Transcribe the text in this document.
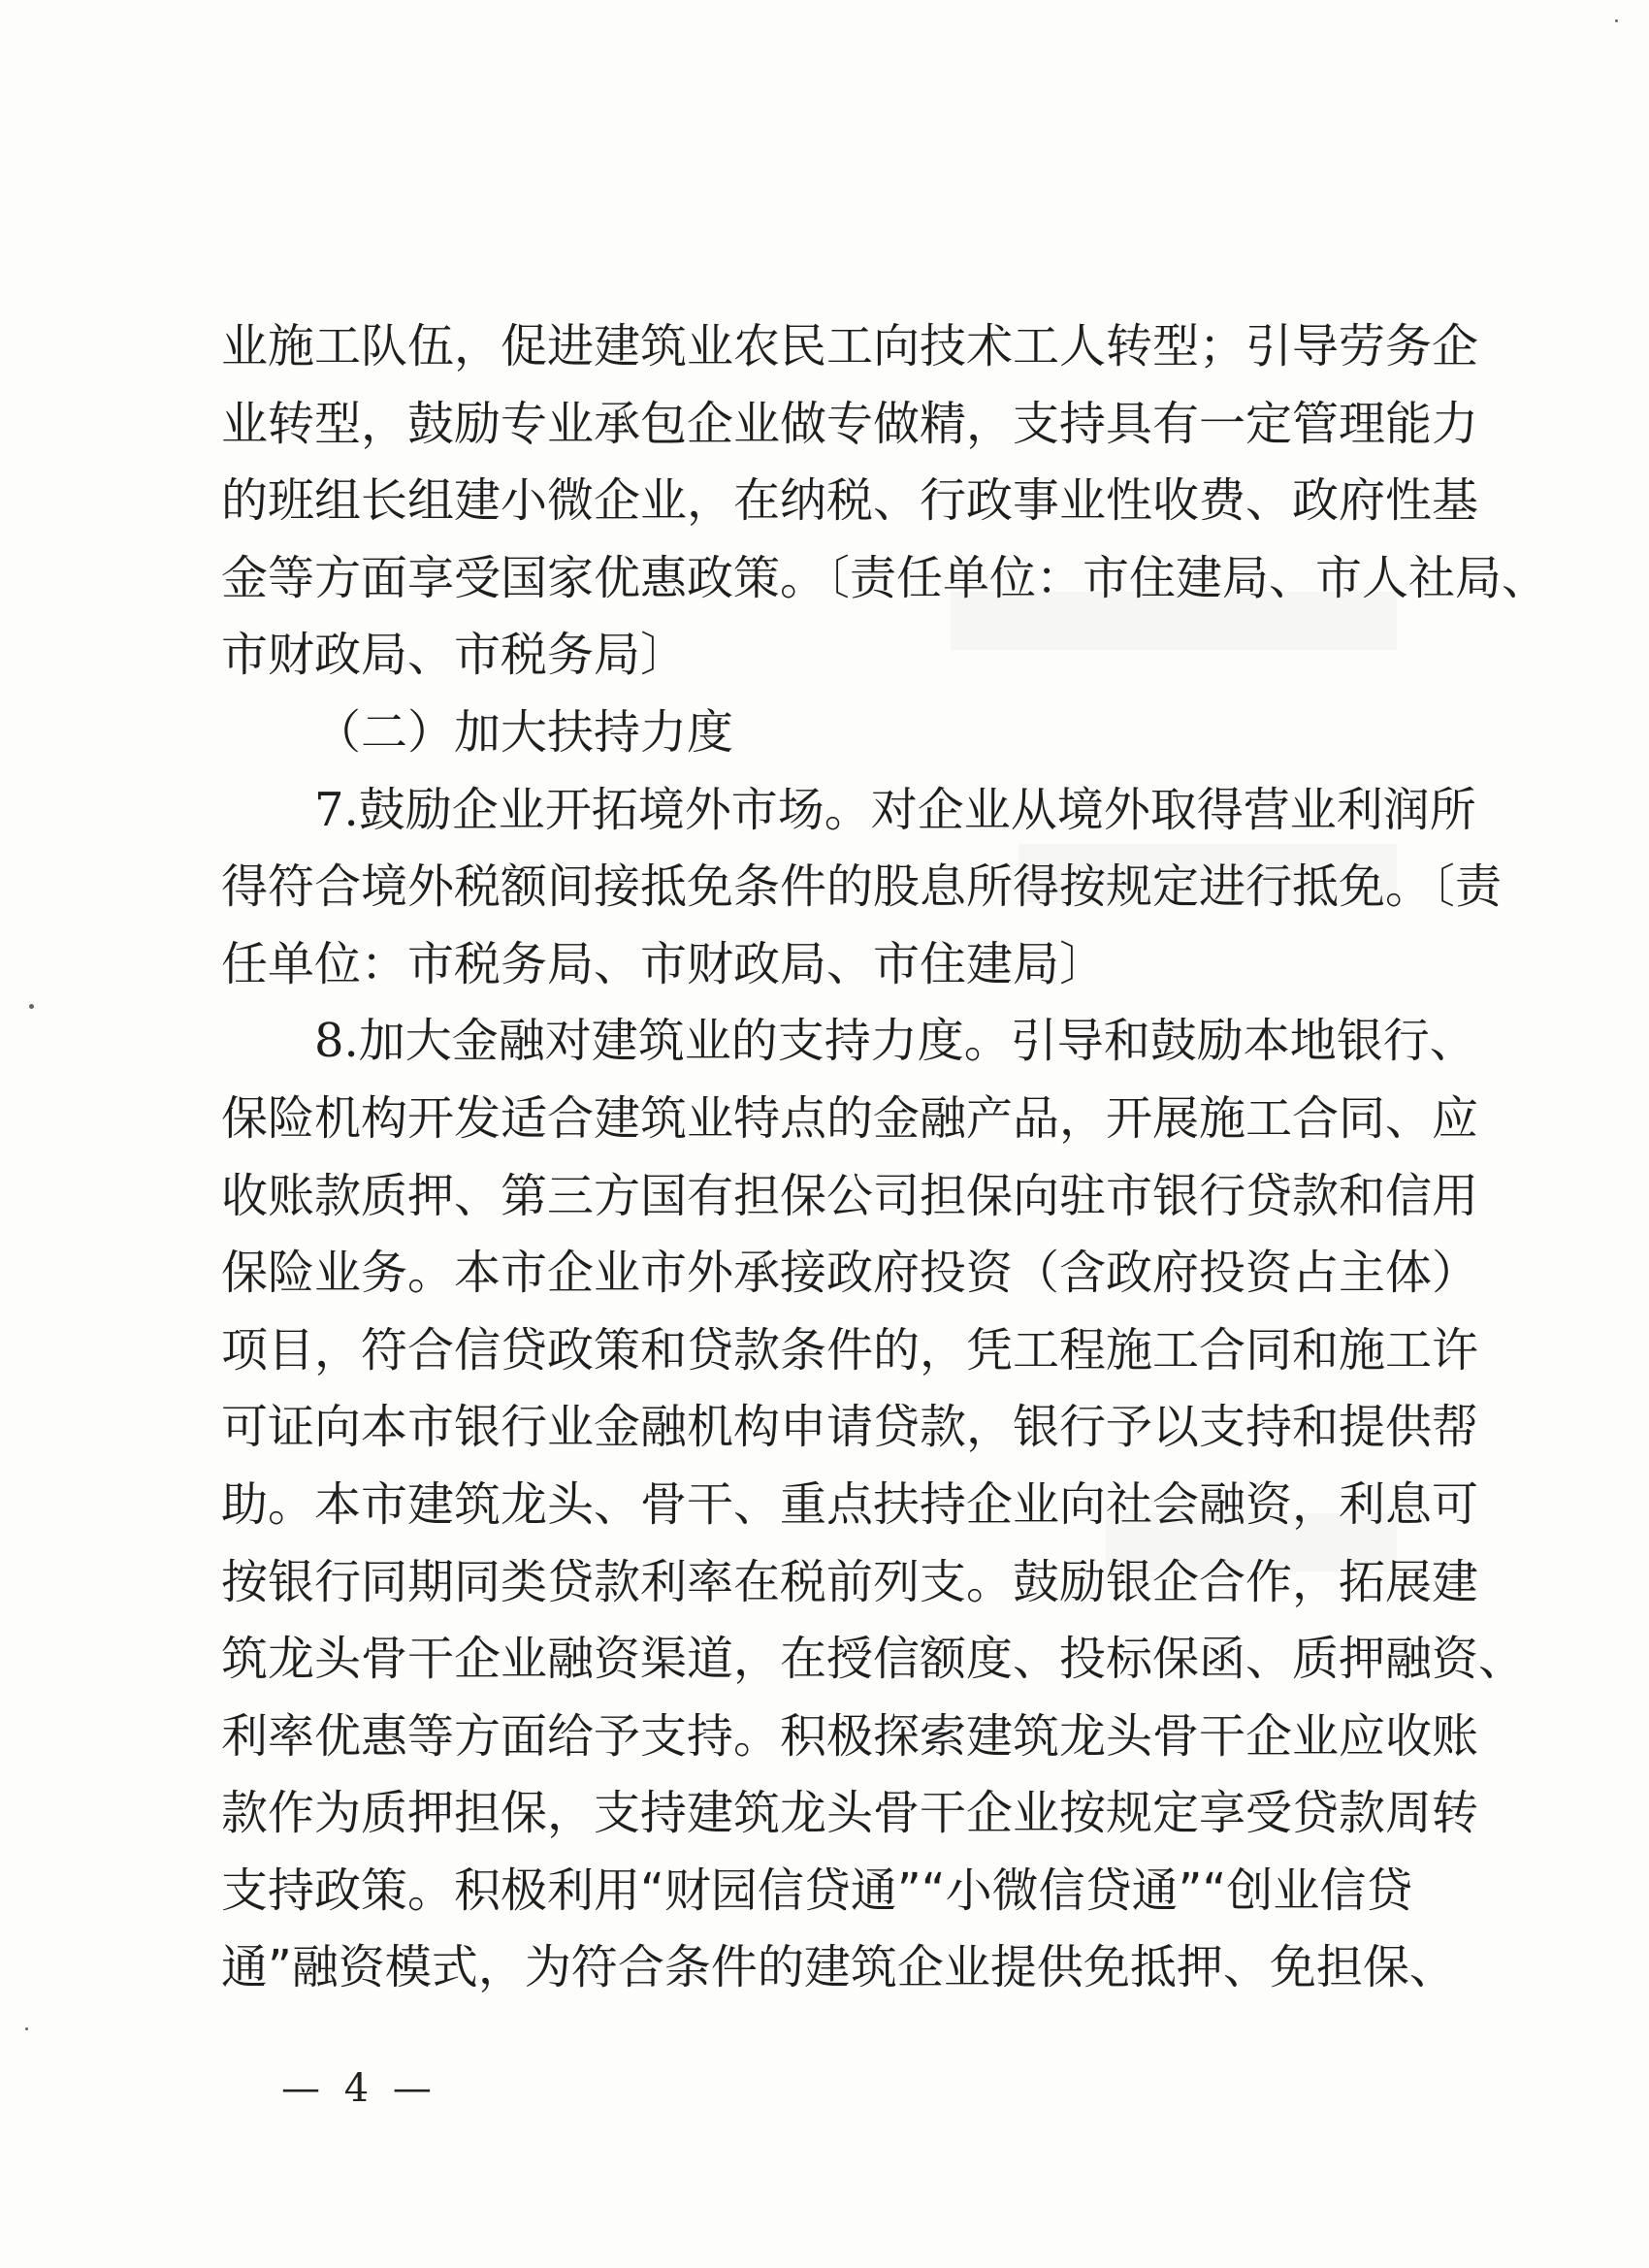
业施工队伍，促进建筑业农民工向技术工人转型；引导劳务企
业转型，鼓励专业承包企业做专做精，支持具有一定管理能力
的班组长组建小微企业，在纳税、行政事业性收费、政府性基
金等方面享受国家优惠政策。〔责任单位：市住建局、市人社局、
市财政局、市税务局〕
（二）加大扶持力度
7.鼓励企业开拓境外市场。对企业从境外取得营业利润所
得符合境外税额间接抵免条件的股息所得按规定进行抵免。〔责
任单位：市税务局、市财政局、市住建局〕
8.加大金融对建筑业的支持力度。引导和鼓励本地银行、
保险机构开发适合建筑业特点的金融产品，开展施工合同、应
收账款质押、第三方国有担保公司担保向驻市银行贷款和信用
保险业务。本市企业市外承接政府投资（含政府投资占主体）
项目，符合信贷政策和贷款条件的，凭工程施工合同和施工许
可证向本市银行业金融机构申请贷款，银行予以支持和提供帮
助。本市建筑龙头、骨干、重点扶持企业向社会融资，利息可
按银行同期同类贷款利率在税前列支。鼓励银企合作，拓展建
筑龙头骨干企业融资渠道，在授信额度、投标保函、质押融资、
利率优惠等方面给予支持。积极探索建筑龙头骨干企业应收账
款作为质押担保，支持建筑龙头骨干企业按规定享受贷款周转
支持政策。积极利用“财园信贷通”“小微信贷通”“创业信贷
通”融资模式，为符合条件的建筑企业提供免抵押、免担保、
— 4 —
